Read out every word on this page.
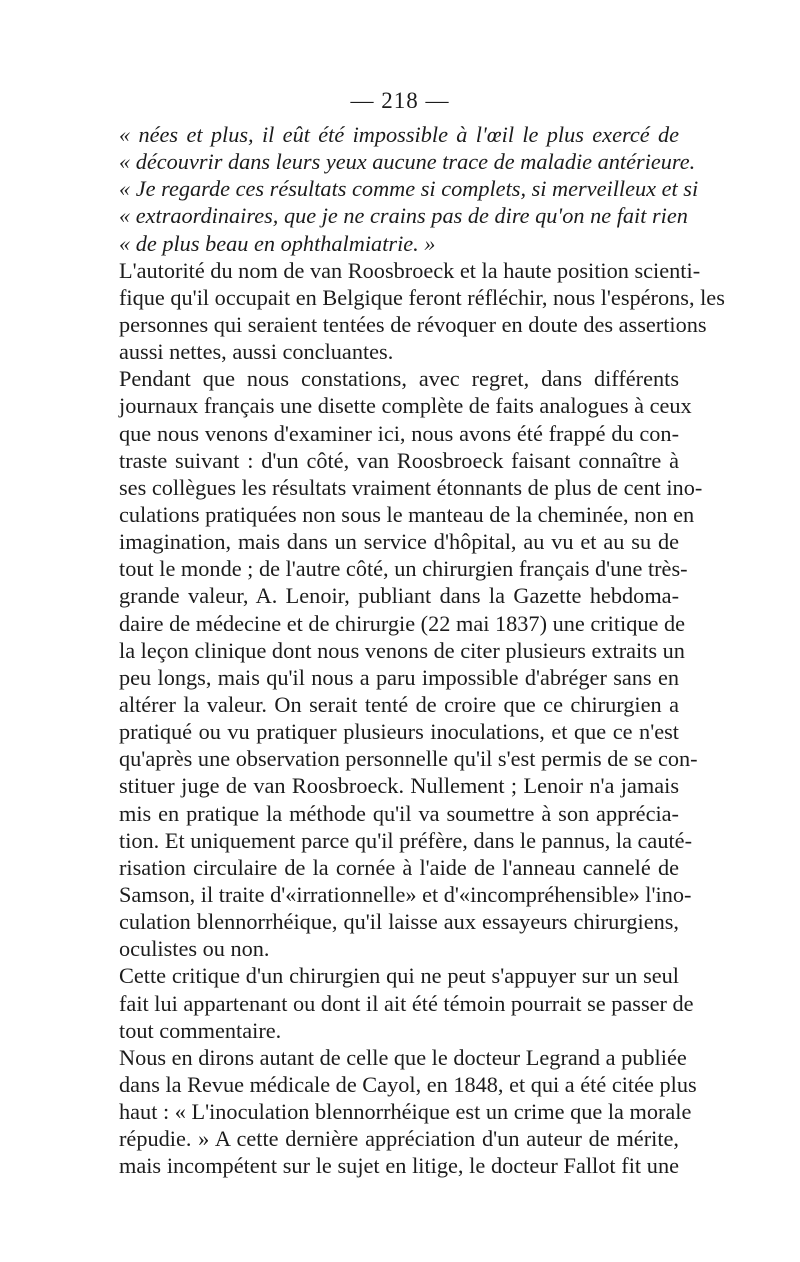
— 218 —
« nées et plus, il eût été impossible à l'œil le plus exercé de
« découvrir dans leurs yeux aucune trace de maladie antérieure.
« Je regarde ces résultats comme si complets, si merveilleux et si
« extraordinaires, que je ne crains pas de dire qu'on ne fait rien
« de plus beau en ophthalmiatrie. »
L'autorité du nom de van Roosbroeck et la haute position scienti-
fique qu'il occupait en Belgique feront réfléchir, nous l'espérons, les
personnes qui seraient tentées de révoquer en doute des assertions
aussi nettes, aussi concluantes.
Pendant que nous constations, avec regret, dans différents
journaux français une disette complète de faits analogues à ceux
que nous venons d'examiner ici, nous avons été frappé du con-
traste suivant : d'un côté, van Roosbroeck faisant connaître à
ses collègues les résultats vraiment étonnants de plus de cent ino-
culations pratiquées non sous le manteau de la cheminée, non en
imagination, mais dans un service d'hôpital, au vu et au su de
tout le monde ; de l'autre côté, un chirurgien français d'une très-
grande valeur, A. Lenoir, publiant dans la Gazette hebdoma-
daire de médecine et de chirurgie (22 mai 1837) une critique de
la leçon clinique dont nous venons de citer plusieurs extraits un
peu longs, mais qu'il nous a paru impossible d'abréger sans en
altérer la valeur. On serait tenté de croire que ce chirurgien a
pratiqué ou vu pratiquer plusieurs inoculations, et que ce n'est
qu'après une observation personnelle qu'il s'est permis de se con-
stituer juge de van Roosbroeck. Nullement ; Lenoir n'a jamais
mis en pratique la méthode qu'il va soumettre à son apprécia-
tion. Et uniquement parce qu'il préfère, dans le pannus, la cauté-
risation circulaire de la cornée à l'aide de l'anneau cannelé de
Samson, il traite d'«irrationnelle» et d'«incompréhensible» l'ino-
culation blennorrhéique, qu'il laisse aux essayeurs chirurgiens,
oculistes ou non.
Cette critique d'un chirurgien qui ne peut s'appuyer sur un seul
fait lui appartenant ou dont il ait été témoin pourrait se passer de
tout commentaire.
Nous en dirons autant de celle que le docteur Legrand a publiée
dans la Revue médicale de Cayol, en 1848, et qui a été citée plus
haut : « L'inoculation blennorrhéique est un crime que la morale
répudie. » A cette dernière appréciation d'un auteur de mérite,
mais incompétent sur le sujet en litige, le docteur Fallot fit une
